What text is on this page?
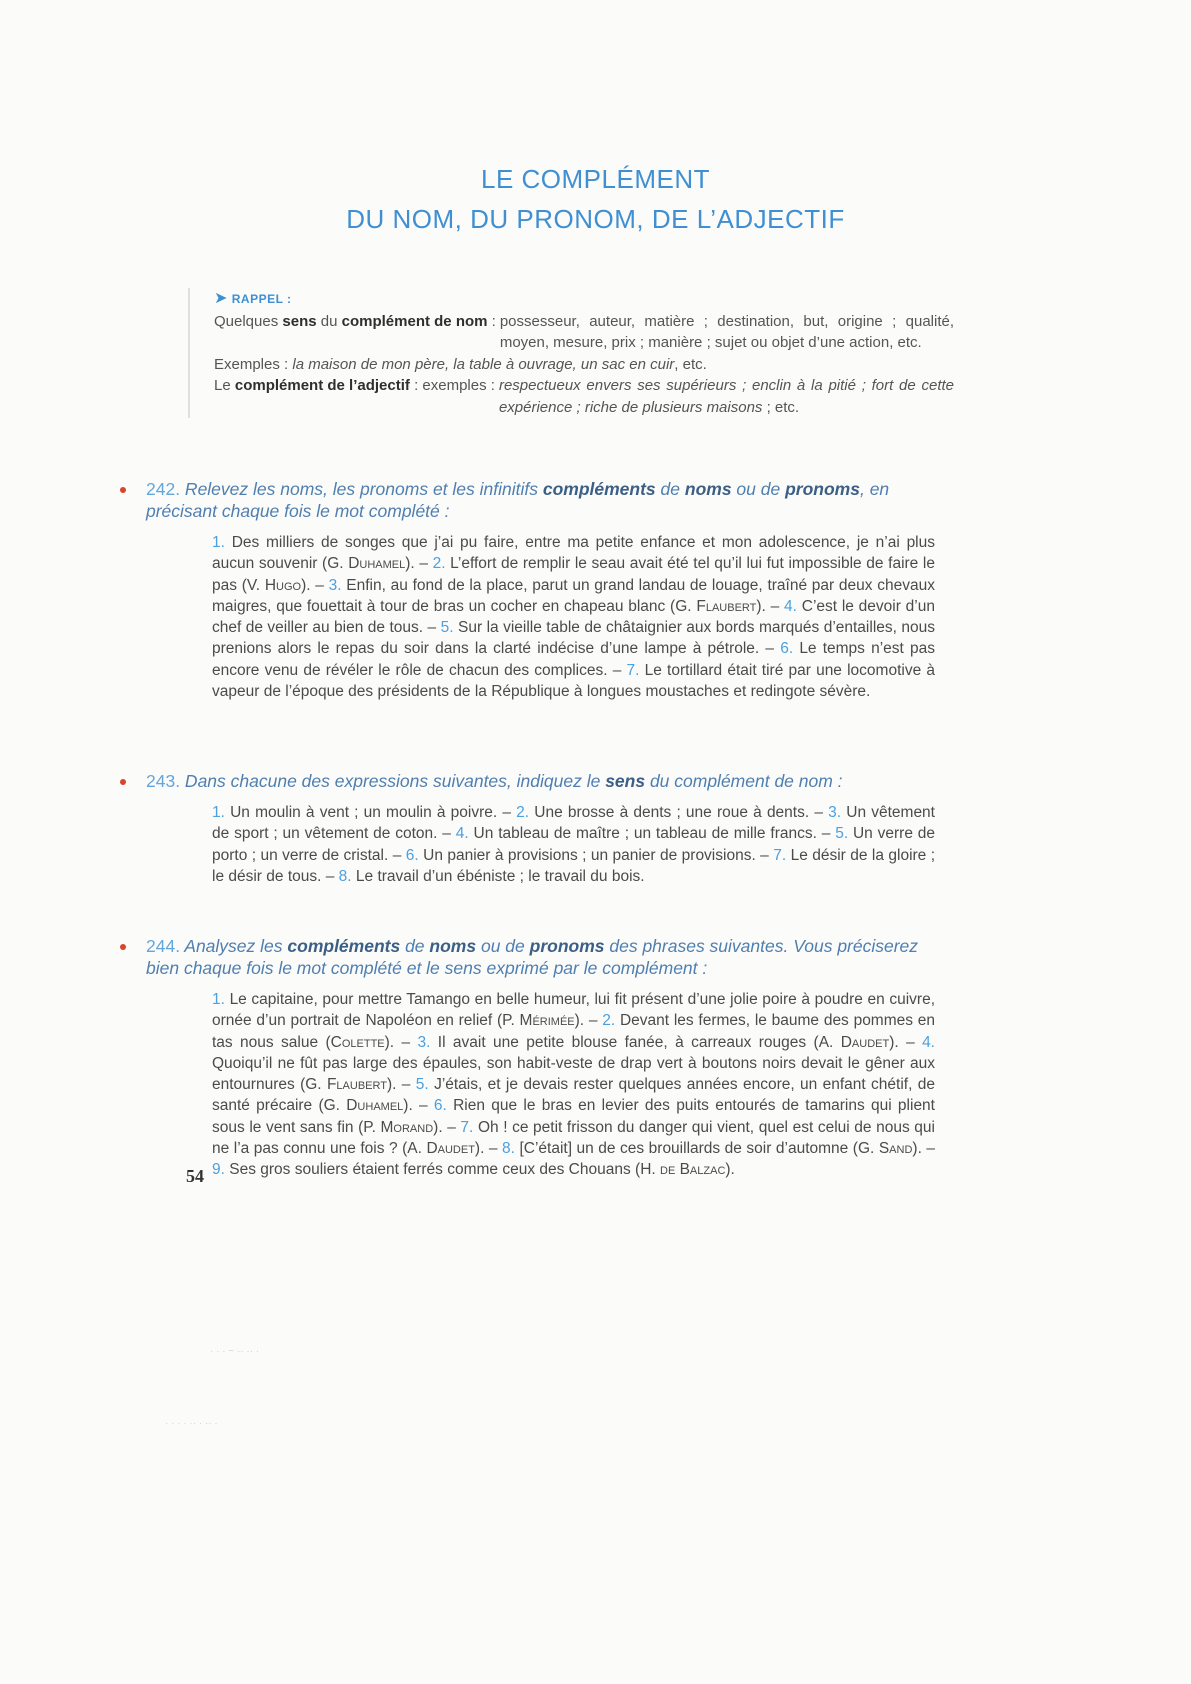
LE COMPLÉMENT
DU NOM, DU PRONOM, DE L’ADJECTIF
➤ RAPPEL :
Quelques sens du complément de nom : possesseur, auteur, matière ; destination, but, origine ; qualité, moyen, mesure, prix ; manière ; sujet ou objet d’une action, etc.
Exemples : la maison de mon père, la table à ouvrage, un sac en cuir, etc.
Le complément de l’adjectif : exemples : respectueux envers ses supérieurs ; enclin à la pitié ; fort de cette expérience ; riche de plusieurs maisons ; etc.
242. Relevez les noms, les pronoms et les infinitifs compléments de noms ou de pronoms, en précisant chaque fois le mot complété :
1. Des milliers de songes que j’ai pu faire, entre ma petite enfance et mon adolescence, je n’ai plus aucun souvenir (G. Duhamel). – 2. L’effort de remplir le seau avait été tel qu’il lui fut impossible de faire le pas (V. Hugo). – 3. Enfin, au fond de la place, parut un grand landau de louage, traîné par deux chevaux maigres, que fouettait à tour de bras un cocher en chapeau blanc (G. Flaubert). – 4. C’est le devoir d’un chef de veiller au bien de tous. – 5. Sur la vieille table de châtaignier aux bords marqués d’entailles, nous prenions alors le repas du soir dans la clarté indécise d’une lampe à pétrole. – 6. Le temps n’est pas encore venu de révéler le rôle de chacun des complices. – 7. Le tortillard était tiré par une locomotive à vapeur de l’époque des présidents de la République à longues moustaches et redingote sévère.
243. Dans chacune des expressions suivantes, indiquez le sens du complément de nom :
1. Un moulin à vent ; un moulin à poivre. – 2. Une brosse à dents ; une roue à dents. – 3. Un vêtement de sport ; un vêtement de coton. – 4. Un tableau de maître ; un tableau de mille francs. – 5. Un verre de porto ; un verre de cristal. – 6. Un panier à provisions ; un panier de provisions. – 7. Le désir de la gloire ; le désir de tous. – 8. Le travail d’un ébéniste ; le travail du bois.
244. Analysez les compléments de noms ou de pronoms des phrases suivantes. Vous préciserez bien chaque fois le mot complété et le sens exprimé par le complément :
1. Le capitaine, pour mettre Tamango en belle humeur, lui fit présent d’une jolie poire à poudre en cuivre, ornée d’un portrait de Napoléon en relief (P. Mérimée). – 2. Devant les fermes, le baume des pommes en tas nous salue (Colette). – 3. Il avait une petite blouse fanée, à carreaux rouges (A. Daudet). – 4. Quoiqu’il ne fût pas large des épaules, son habit-veste de drap vert à boutons noirs devait le gêner aux entournures (G. Flaubert). – 5. J’étais, et je devais rester quelques années encore, un enfant chétif, de santé précaire (G. Duhamel). – 6. Rien que le bras en levier des puits entourés de tamarins qui plient sous le vent sans fin (P. Morand). – 7. Oh ! ce petit frisson du danger qui vient, quel est celui de nous qui ne l’a pas connu une fois ? (A. Daudet). – 8. [C’était] un de ces brouillards de soir d’automne (G. Sand). – 9. Ses gros souliers étaient ferrés comme ceux des Chouans (H. de Balzac).
54
· · · ~ ·· ·· ·
· · · · ·· · ·· ·
